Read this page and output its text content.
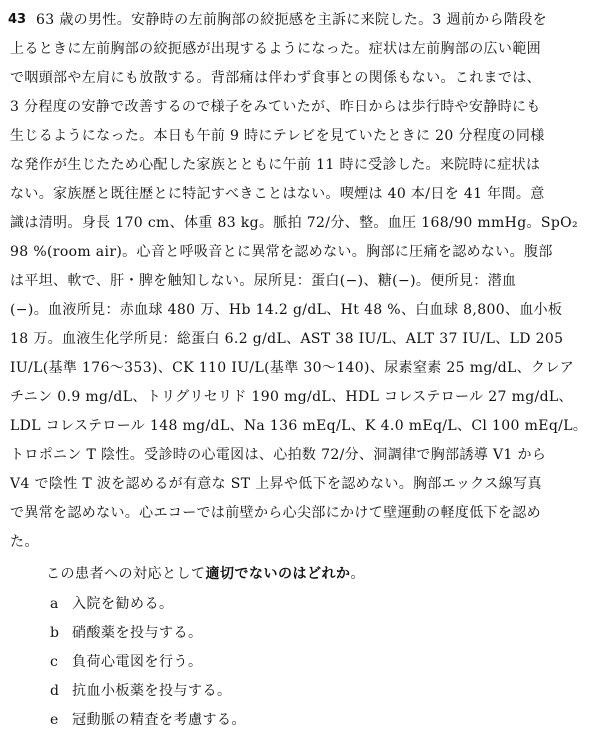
43 63 歳の男性。安静時の左前胸部の絞扼感を主訴に来院した。3 週前から階段を
上るときに左前胸部の絞扼感が出現するようになった。症状は左前胸部の広い範囲
で咽頭部や左肩にも放散する。背部痛は伴わず食事との関係もない。これまでは、
3 分程度の安静で改善するので様子をみていたが、昨日からは歩行時や安静時にも
生じるようになった。本日も午前 9 時にテレビを見ていたときに 20 分程度の同様
な発作が生じたため心配した家族とともに午前 11 時に受診した。来院時に症状は
ない。家族歴と既往歴とに特記すべきことはない。喫煙は 40 本/日を 41 年間。意
識は清明。身長 170 cm、体重 83 kg。脈拍 72/分、整。血圧 168/90 mmHg。SpO₂
98 %(room air)。心音と呼吸音とに異常を認めない。胸部に圧痛を認めない。腹部
は平坦、軟で、肝・脾を触知しない。尿所見：蛋白(−)、糖(−)。便所見：潜血
(−)。血液所見：赤血球 480 万、Hb 14.2 g/dL、Ht 48 %、白血球 8,800、血小板
18 万。血液生化学所見：総蛋白 6.2 g/dL、AST 38 IU/L、ALT 37 IU/L、LD 205
IU/L(基準 176〜353)、CK 110 IU/L(基準 30〜140)、尿素窒素 25 mg/dL、クレア
チニン 0.9 mg/dL、トリグリセリド 190 mg/dL、HDL コレステロール 27 mg/dL、
LDL コレステロール 148 mg/dL、Na 136 mEq/L、K 4.0 mEq/L、Cl 100 mEq/L。
トロポニン T 陰性。受診時の心電図は、心拍数 72/分、洞調律で胸部誘導 V1 から
V4 で陰性 T 波を認めるが有意な ST 上昇や低下を認めない。胸部エックス線写真
で異常を認めない。心エコーでは前壁から心尖部にかけて壁運動の軽度低下を認め
た。
この患者への対応として適切でないのはどれか。
a 入院を勧める。
b 硝酸薬を投与する。
c 負荷心電図を行う。
d 抗血小板薬を投与する。
e 冠動脈の精査を考慮する。
